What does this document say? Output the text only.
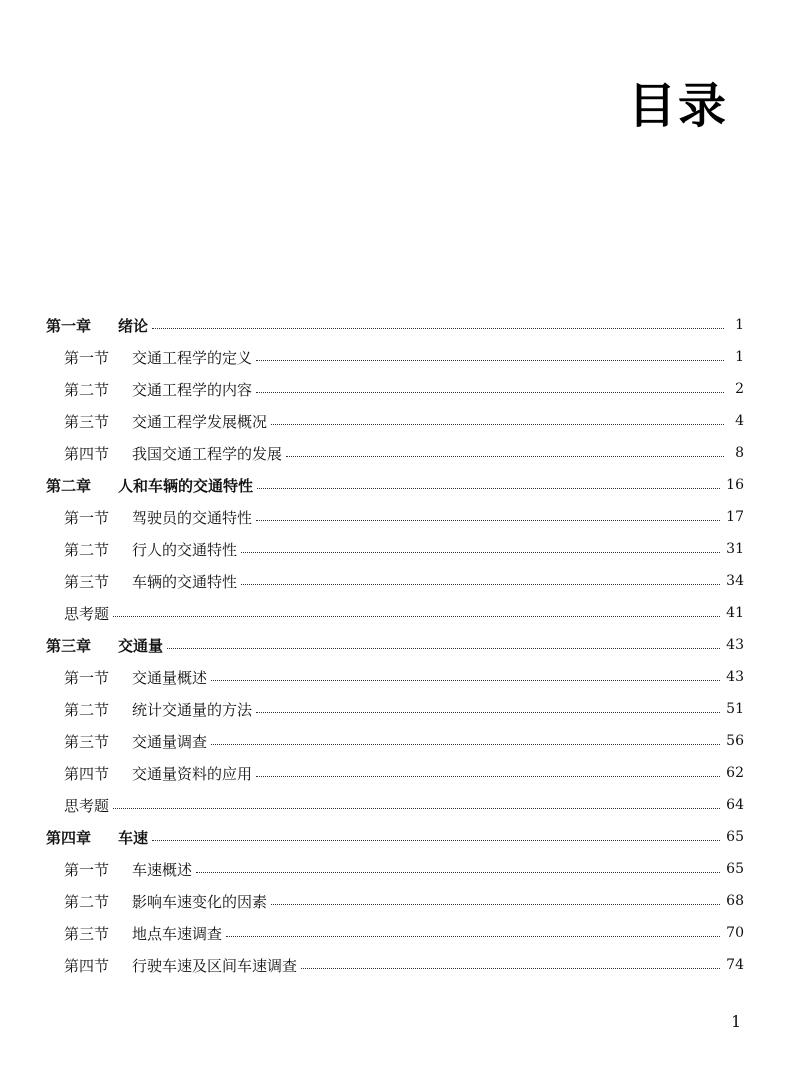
目录
第一章	绪论	1
第一节	交通工程学的定义	1
第二节	交通工程学的内容	2
第三节	交通工程学发展概况	4
第四节	我国交通工程学的发展	8
第二章	人和车辆的交通特性	16
第一节	驾驶员的交通特性	17
第二节	行人的交通特性	31
第三节	车辆的交通特性	34
思考题	41
第三章	交通量	43
第一节	交通量概述	43
第二节	统计交通量的方法	51
第三节	交通量调查	56
第四节	交通量资料的应用	62
思考题	64
第四章	车速	65
第一节	车速概述	65
第二节	影响车速变化的因素	68
第三节	地点车速调查	70
第四节	行驶车速及区间车速调查	74
1
